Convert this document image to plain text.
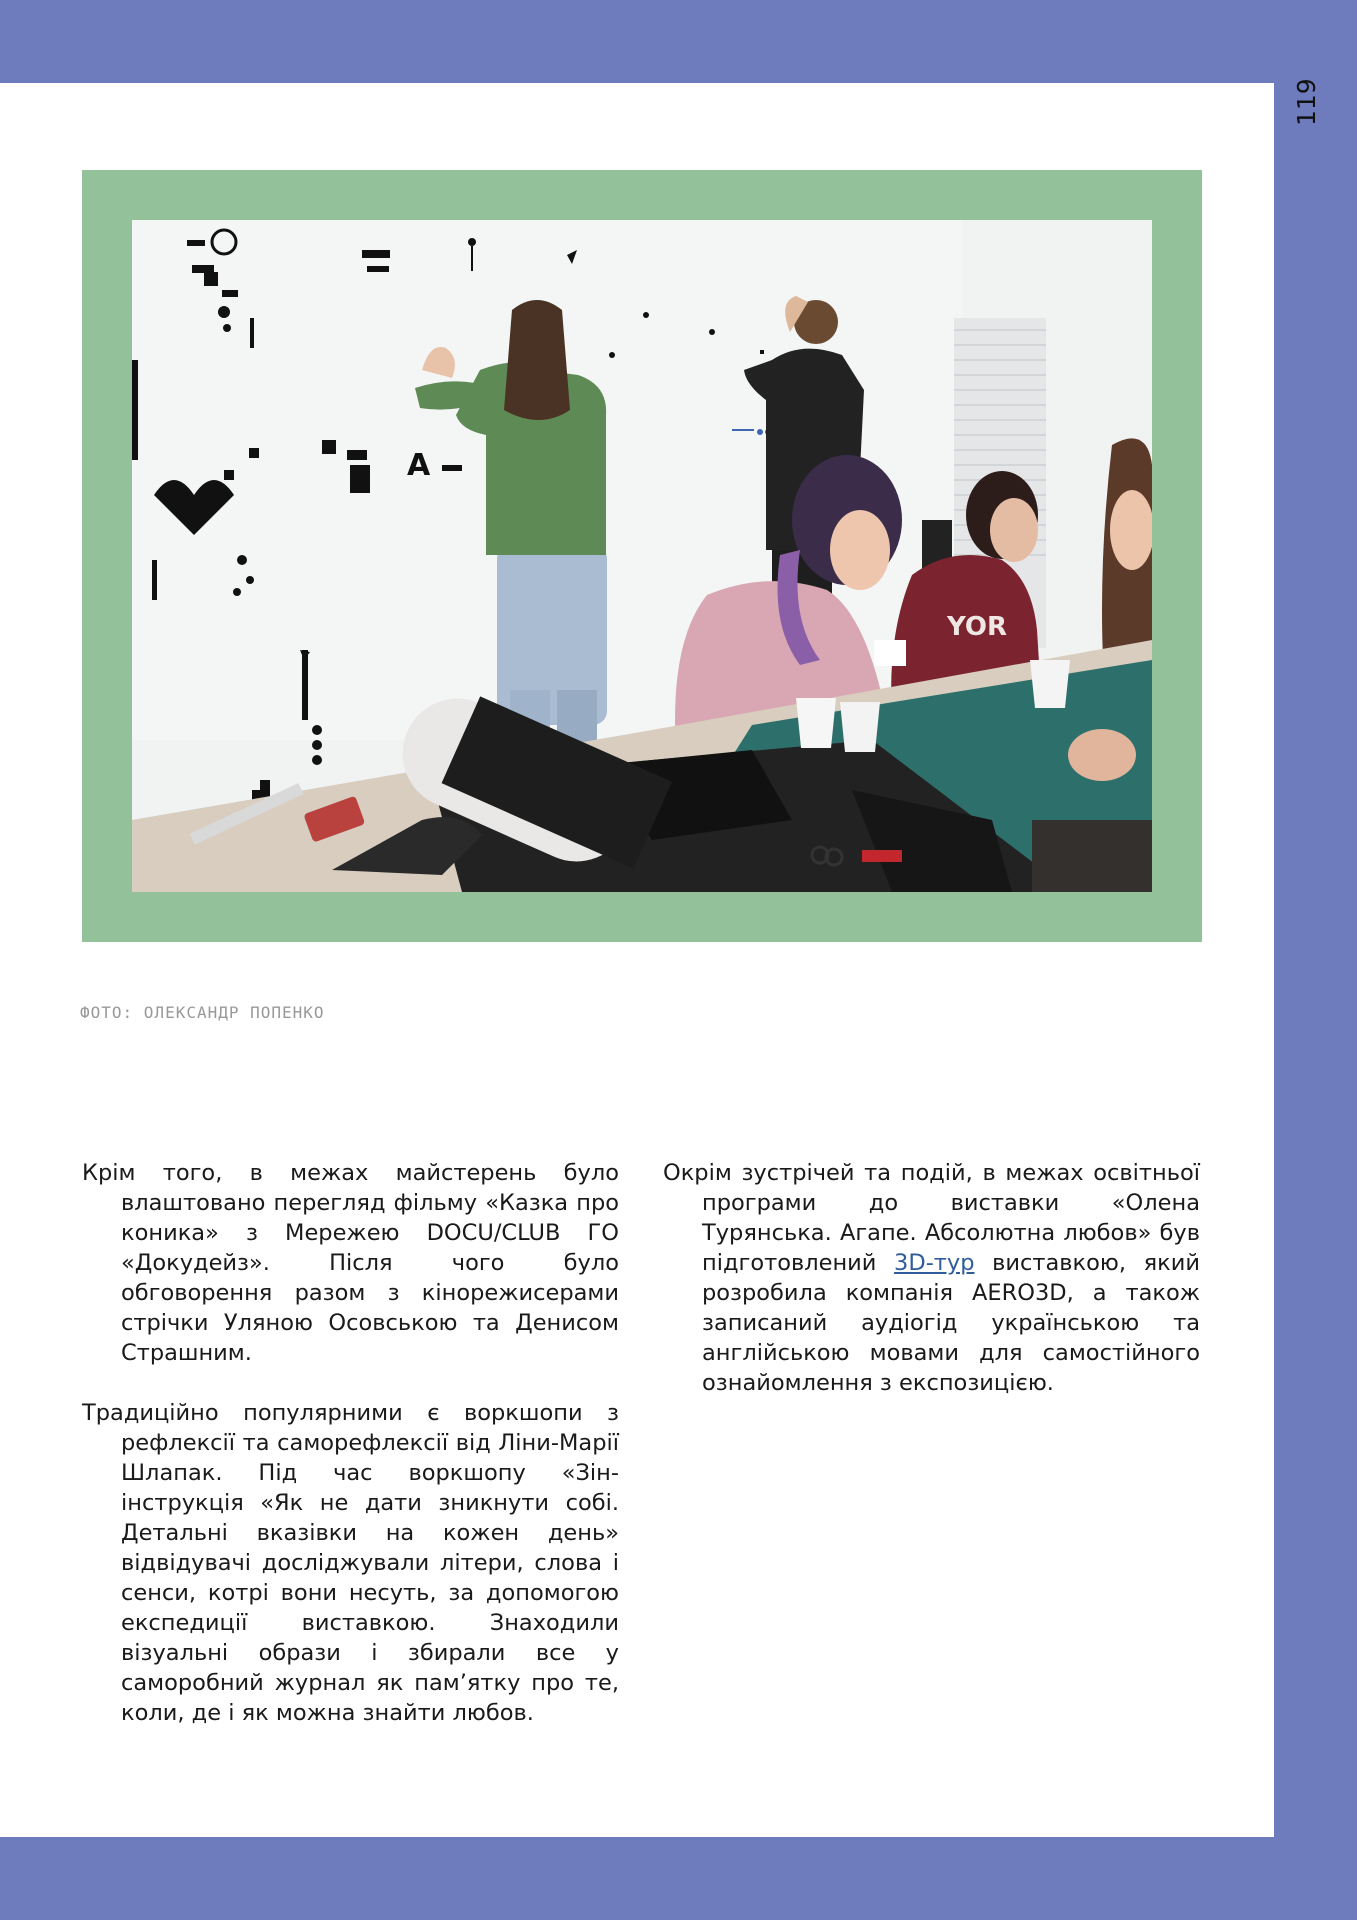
119
A
YOR
ФОТО: ОЛЕКСАНДР ПОПЕНКО

Крім того, в межах майстерень було влаштовано перегляд фільму «Казка про коника» з Мережею DOCU/CLUB ГО «Докудейз». Після чого було обговорення разом з кінорежисерами стрічки Уляною Осовською та Денисом Страшним.

Традиційно популярними є воркшопи з рефлексії та саморефлексії від Ліни-Марії Шлапак. Під час воркшопу «Зін-інструкція «Як не дати зникнути собі. Детальні вказівки на кожен день» відвідувачі досліджували літери, слова і сенси, котрі вони несуть, за допомогою експедиції виставкою. Знаходили візуальні образи і збирали все у саморобний журнал як пам’ятку про те, коли, де і як можна знайти любов.

Окрім зустрічей та подій, в межах освітньої програми до виставки «Олена Турянська. Агапе. Абсолютна любов» був підготовлений 3D-тур виставкою, який розробила компанія AERO3D, а також записаний аудіогід українською та англійською мовами для самостійного ознайомлення з експозицією.
